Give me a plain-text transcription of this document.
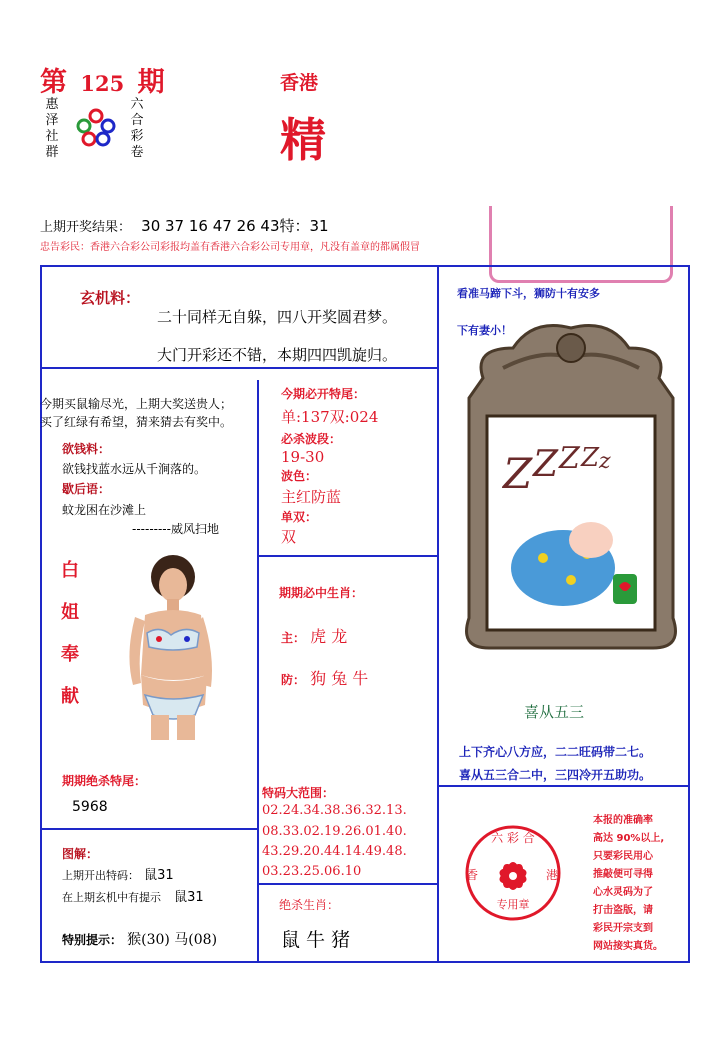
第 125 期	香港
惠泽社群
六合彩卷	精
上期开奖结果： 30 37 16 47 26 43特：31
忠告彩民：香港六合彩公司彩报均盖有香港六合彩公司专用章，凡没有盖章的都属假冒
玄机料：
二十同样无自躲，四八开奖圆君梦。
大门开彩还不错，本期四四凯旋归。
看准马蹄下斗，狮防十有安多
下有妻小！
今期买鼠输尽光，上期大奖送贵人；
买了红绿有希望，猜来猜去有奖中。
欲钱料：
欲钱找蓝水远从千涧落的。
歇后语：
蚊龙困在沙滩上
---------威风扫地
今期必开特尾：
单:137双:024
必杀波段：
19-30
波色：
主红防蓝
单双：
双
白
姐
奉
献
期期必中生肖：
主： 虎 龙
防： 狗 兔 牛
Z Z Z Z z
喜从五三
上下齐心八方应，二二旺码带二七。
喜从五三合二中，三四冷开五助功。
期期绝杀特尾：
5968
特码大范围：
02.24.34.38.36.32.13.
08.33.02.19.26.01.40.
43.29.20.44.14.49.48.
03.23.25.06.10
图解：
上期开出特码： 鼠31
在上期玄机中有提示 鼠31
特别提示： 猴(30) 马(08)
绝杀生肖：
鼠 牛 猪
六 彩 合
香	港
专用章
本报的准确率
高达 90%以上,
只要彩民用心
推敲便可寻得
心水灵码为了
打击盗版，请
彩民开宗支到
网站接实真货。
